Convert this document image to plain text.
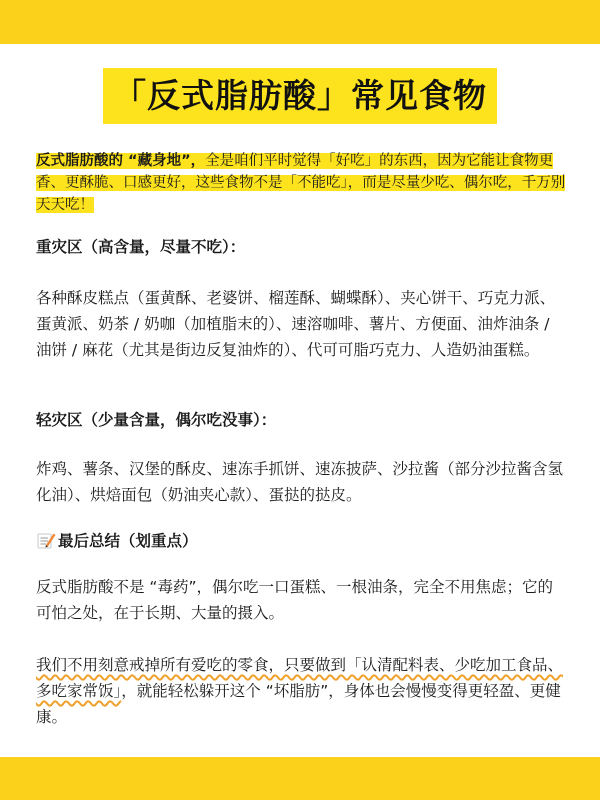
「反式脂肪酸」常见食物

反式脂肪酸的 “藏身地”，全是咱们平时觉得「好吃」的东西，因为它能让食物更香、更酥脆、口感更好，这些食物不是「不能吃」，而是尽量少吃、偶尔吃，千万别天天吃！

重灾区（高含量，尽量不吃）：

各种酥皮糕点（蛋黄酥、老婆饼、榴莲酥、蝴蝶酥）、夹心饼干、巧克力派、蛋黄派、奶茶 / 奶咖（加植脂末的）、速溶咖啡、薯片、方便面、油炸油条 / 油饼 / 麻花（尤其是街边反复油炸的）、代可可脂巧克力、人造奶油蛋糕。

轻灾区（少量含量，偶尔吃没事）：

炸鸡、薯条、汉堡的酥皮、速冻手抓饼、速冻披萨、沙拉酱（部分沙拉酱含氢化油）、烘焙面包（奶油夹心款）、蛋挞的挞皮。

最后总结（划重点）

反式脂肪酸不是 “毒药”，偶尔吃一口蛋糕、一根油条，完全不用焦虑；它的可怕之处，在于长期、大量的摄入。

我们不用刻意戒掉所有爱吃的零食，只要做到「认清配料表、少吃加工食品、多吃家常饭」，就能轻松躲开这个 “坏脂肪”，身体也会慢慢变得更轻盈、更健康。
